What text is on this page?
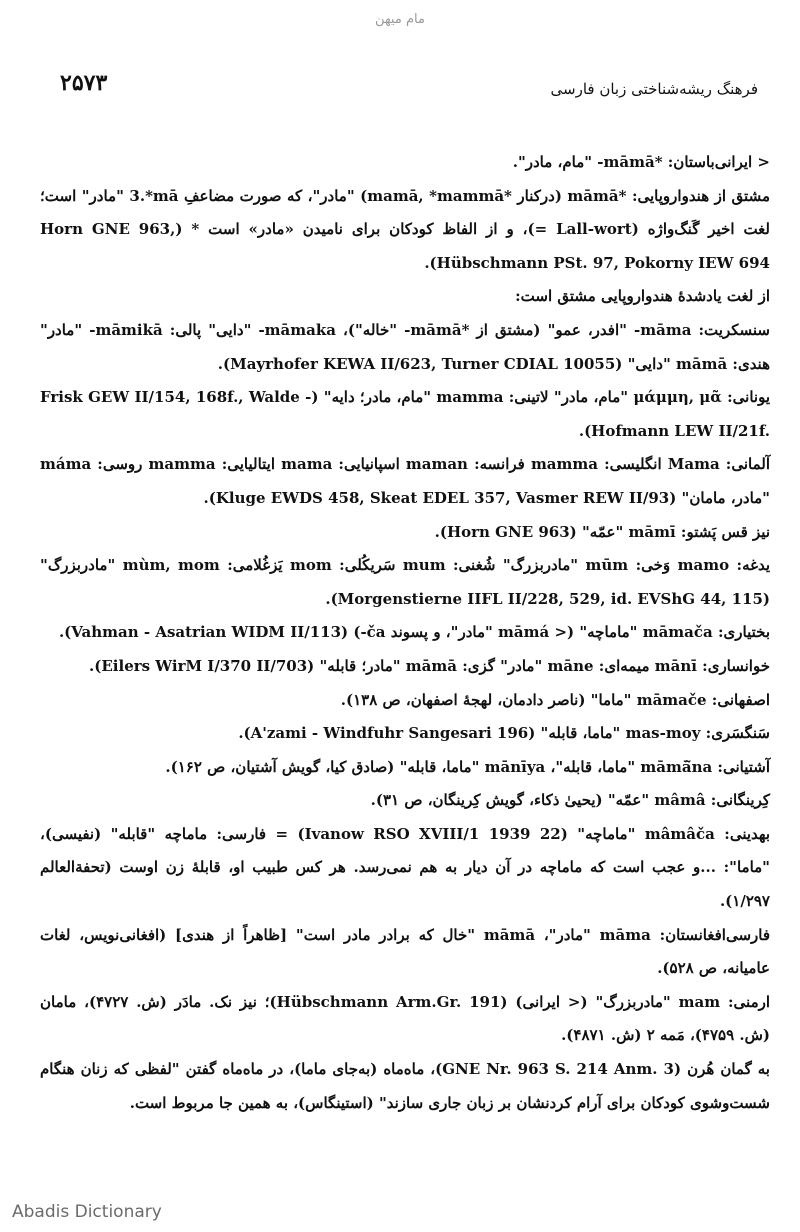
مام میهن
۲۵۷۳	فرهنگ ریشه‌شناختی زبان فارسی

< ایرانی‌باستان: ‎-māmā*‎ "مام، مادر".

مشتق از هندواروپایی: ‎māmā*‎ (درکنار ‎mamā, *mammā*‎) "مادر"، که صورت مضاعفِ ‎3.*mā‎ "مادر" است؛ لغت اخیر گَنگ‌واژه (‎= Lall-wort‎)، و از الفاظ کودکان برای نامیدن «مادر» است * (‎Horn GNE 963, Hübschmann PSt. 97, Pokorny IEW 694‎).

از لغت یادشدهٔ هندواروپایی مشتق است:

سنسکریت: ‎-māma‎ "افدر، عمو" (مشتق از ‎-māmā*‎ "خاله")، ‎-māmaka‎ "دایی" پالی: ‎-māmikā‎ "مادر" هندی: ‎māmā‎ "دایی" (‎Mayrhofer KEWA II/623, Turner CDIAL 10055‎).

یونانی: ‎μάμμη, μᾶ‎ "مام، مادر" لاتینی: ‎mamma‎ "مام، مادر؛ دایه" (‎Frisk GEW II/154, 168f., Walde - Hofmann LEW II/21f.‎).

آلمانی: ‎Mama‎ انگلیسی: ‎mamma‎ فرانسه: ‎maman‎ اسپانیایی: ‎mama‎ ایتالیایی: ‎mamma‎ روسی: ‎máma‎ "مادر، مامان" (‎Kluge EWDS 458, Skeat EDEL 357, Vasmer REW II/93‎).

نیز قس پَشتو: ‎māmī‎ "عمّه" (‎Horn GNE 963‎).

یدغه: ‎mamo‎ وَخی: ‎mūm‎ "مادربزرگ" شُغنی: ‎mum‎ سَریکُلی: ‎mom‎ یَزغُلامی: ‎mùm, mom‎ "مادربزرگ" (‎Morgenstierne IIFL II/228, 529, id. EVShG 44, 115‎).

بختیاری: ‎māmača‎ "ماماچه" (< ‎māmá‎ "مادر"، و پسوند ‎-ča‎) (‎Vahman - Asatrian WIDM II/113‎).

خوانساری: ‎mānī‎ میمه‌ای: ‎māne‎ "مادر" گزی: ‎māmā‎ "مادر؛ قابله" (‎Eilers WirM I/370 II/703‎).

اصفهانی: ‎māmače‎ "ماما" (ناصر دادمان، لهجهٔ اصفهان، ص ۱۳۸).

سَنگسَری: ‎mas-moy‎ "ماما، قابله" (‎A'zami - Windfuhr Sangesari 196‎).

آشتیانی: ‎māmā̃na‎ "ماما، قابله"، ‎mānīya‎ "ماما، قابله" (صادق کیا، گویش آشتیان، ص ۱۶۲).

کِرینگانی: ‎mâmâ‎ "عمّه" (یحییٰ ذکاء، گویش کِرینگان، ص ۳۱).

بهدینی: ‎mâmâča‎ "ماماچه" (‎Ivanow RSO XVIII/1 1939 22‎) = فارسی: ماماچه "قابله" (نفیسی)، "ماما": ...و عجب است که ماماچه در آن دیار به هم نمی‌رسد. هر کس طبیب او، قابلهٔ زن اوست (تحفة‌العالم ۱/۲۹۷).

فارسی‌افغانستان: ‎māma‎ "مادر"، ‎māmā‎ "خال که برادر مادر است" [ظاهراً از هندی] (افغانی‌نویس، لغات عامیانه، ص ۵۲۸).

ارمنی: ‎mam‎ "مادربزرگ" (< ایرانی) (‎Hübschmann Arm.Gr. 191‎)؛ نیز نک. مادَر (ش. ۴۷۲۷)، مامان (ش. ۴۷۵۹)، مَمه ۲ (ش. ۴۸۷۱).

به گمان هُرن (‎GNE Nr. 963 S. 214 Anm. 3‎)، ماه‌ماه (به‌جای ماما)، در ماه‌ماه گفتن "لفظی که زنان هنگام شست‌وشوی کودکان برای آرام کردنشان بر زبان جاری سازند" (استینگاس)، به همین جا مربوط است.

Abadis Dictionary
